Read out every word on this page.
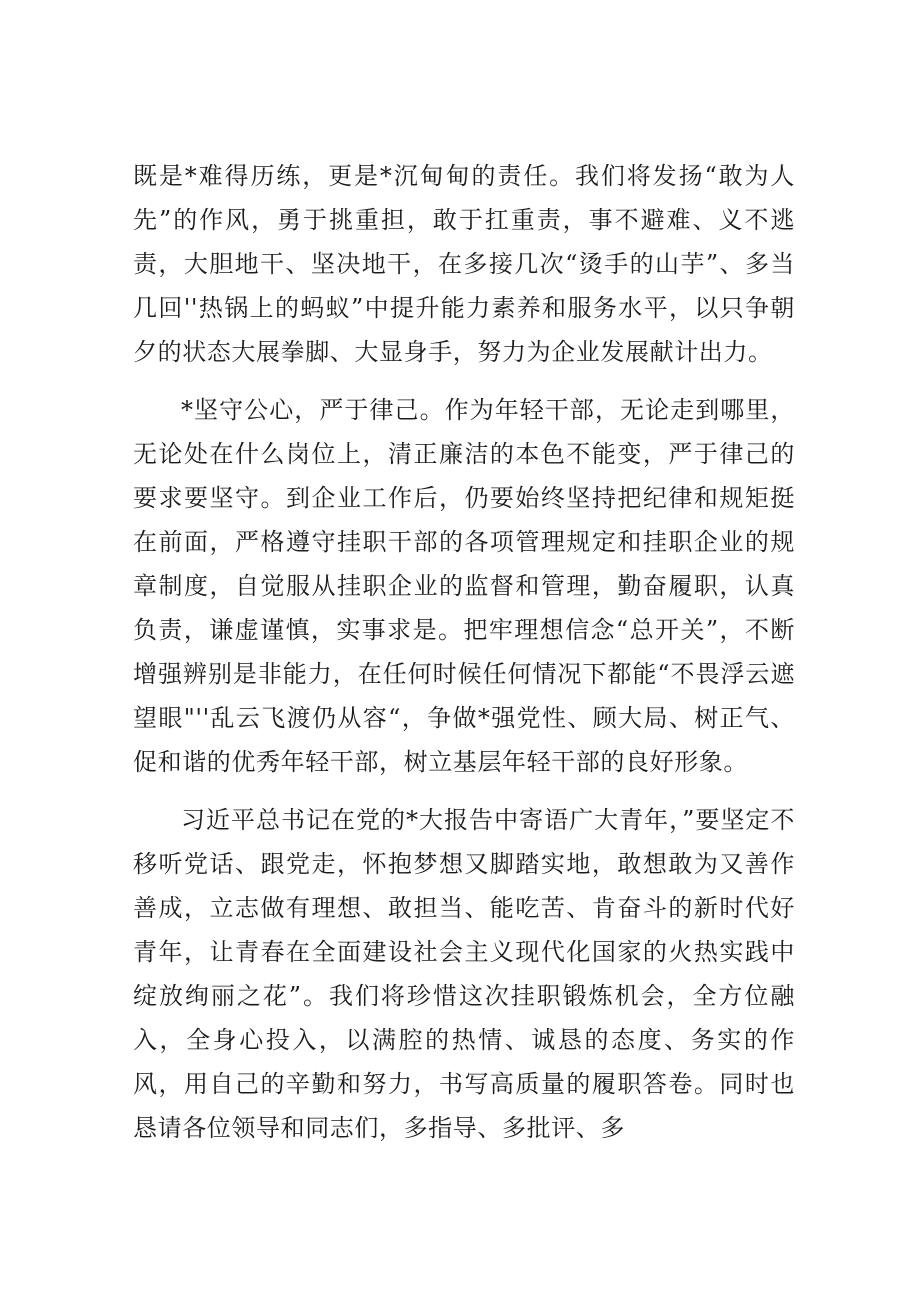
既是*难得历练，更是*沉甸甸的责任。我们将发扬“敢为人先”的作风，勇于挑重担，敢于扛重责，事不避难、义不逃责，大胆地干、坚决地干，在多接几次“烫手的山芋”、多当几回''热锅上的蚂蚁”中提升能力素养和服务水平，以只争朝夕的状态大展拳脚、大显身手，努力为企业发展献计出力。

*坚守公心，严于律己。作为年轻干部，无论走到哪里，无论处在什么岗位上，清正廉洁的本色不能变，严于律己的要求要坚守。到企业工作后，仍要始终坚持把纪律和规矩挺在前面，严格遵守挂职干部的各项管理规定和挂职企业的规章制度，自觉服从挂职企业的监督和管理，勤奋履职，认真负责，谦虚谨慎，实事求是。把牢理想信念“总开关”，不断增强辨别是非能力，在任何时候任何情况下都能“不畏浮云遮望眼"''乱云飞渡仍从容“，争做*强党性、顾大局、树正气、促和谐的优秀年轻干部，树立基层年轻干部的良好形象。

习近平总书记在党的*大报告中寄语广大青年，”要坚定不移听党话、跟党走，怀抱梦想又脚踏实地，敢想敢为又善作善成，立志做有理想、敢担当、能吃苦、肯奋斗的新时代好青年，让青春在全面建设社会主义现代化国家的火热实践中绽放绚丽之花”。我们将珍惜这次挂职锻炼机会，全方位融入，全身心投入，以满腔的热情、诚恳的态度、务实的作风，用自己的辛勤和努力，书写高质量的履职答卷。同时也恳请各位领导和同志们，多指导、多批评、多
